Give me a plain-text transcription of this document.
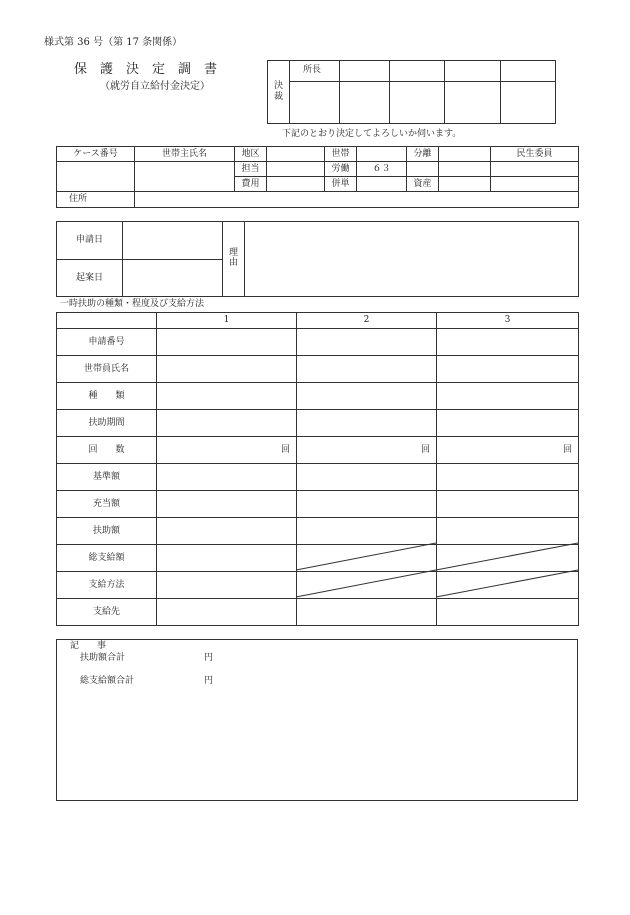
様式第 36 号（第 17 条関係）
保　護　決　定　調　書
（就労自立給付金決定）	決
裁
所長
下記のとおり決定してよろしいか伺います。
ケース番号	世帯主氏名	地区		世帯		分離		民生委員
		担当		労働	６３			
		費用		併単		資産		
住所								
申請日		理
由	
起案日			
一時扶助の種類・程度及び支給方法
	1	2	3
申請番号			
世帯員氏名			
種　　類			
扶助期間			
回　　数	回	回	回
基準額			
充当額			
扶助額			
総支給額			
支給方法			
支給先			
記　　事
扶助額合計	円
総支給額合計	円
